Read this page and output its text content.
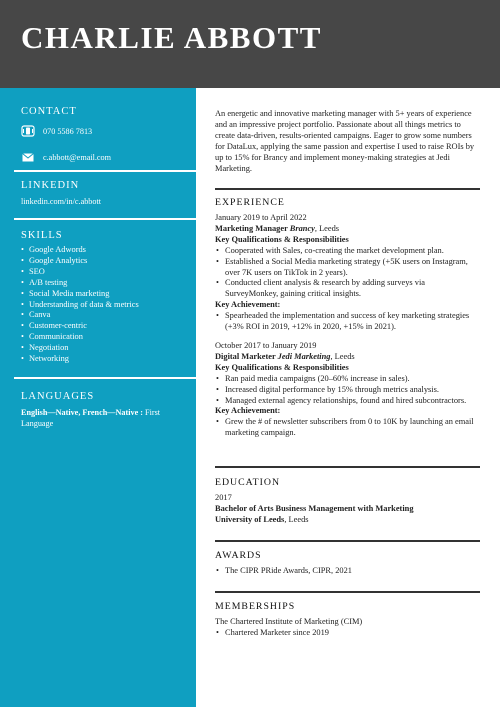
CHARLIE ABBOTT
CONTACT
070 5586 7813
c.abbott@email.com
LINKEDIN
linkedin.com/in/c.abbott
SKILLS
• Google Adwords
• Google Analytics
• SEO
• A/B testing
• Social Media marketing
• Understanding of data & metrics
• Canva
• Customer-centric
• Communication
• Negotiation
• Networking
LANGUAGES
English—Native, French—Native : First Language
An energetic and innovative marketing manager with 5+ years of experience and an impressive project portfolio. Passionate about all things metrics to create data-driven, results-oriented campaigns. Eager to grow some numbers for DataLux, applying the same passion and expertise I used to raise ROIs by up to 15% for Brancy and implement money-making strategies at Jedi Marketing.
EXPERIENCE
January 2019 to April 2022
Marketing Manager Brancy, Leeds
Key Qualifications & Responsibilities
• Cooperated with Sales, co-creating the market development plan.
• Established a Social Media marketing strategy (+5K users on Instagram, over 7K users on TikTok in 2 years).
• Conducted client analysis & research by adding surveys via SurveyMonkey, gaining critical insights.
Key Achievement:
• Spearheaded the implementation and success of key marketing strategies (+3% ROI in 2019, +12% in 2020, +15% in 2021).
October 2017 to January 2019
Digital Marketer Jedi Marketing, Leeds
Key Qualifications & Responsibilities
• Ran paid media campaigns (20–60% increase in sales).
• Increased digital performance by 15% through metrics analysis.
• Managed external agency relationships, found and hired subcontractors.
Key Achievement:
• Grew the # of newsletter subscribers from 0 to 10K by launching an email marketing campaign.
EDUCATION
2017
Bachelor of Arts Business Management with Marketing
University of Leeds, Leeds
AWARDS
• The CIPR PRide Awards, CIPR, 2021
MEMBERSHIPS
The Chartered Institute of Marketing (CIM)
• Chartered Marketer since 2019
